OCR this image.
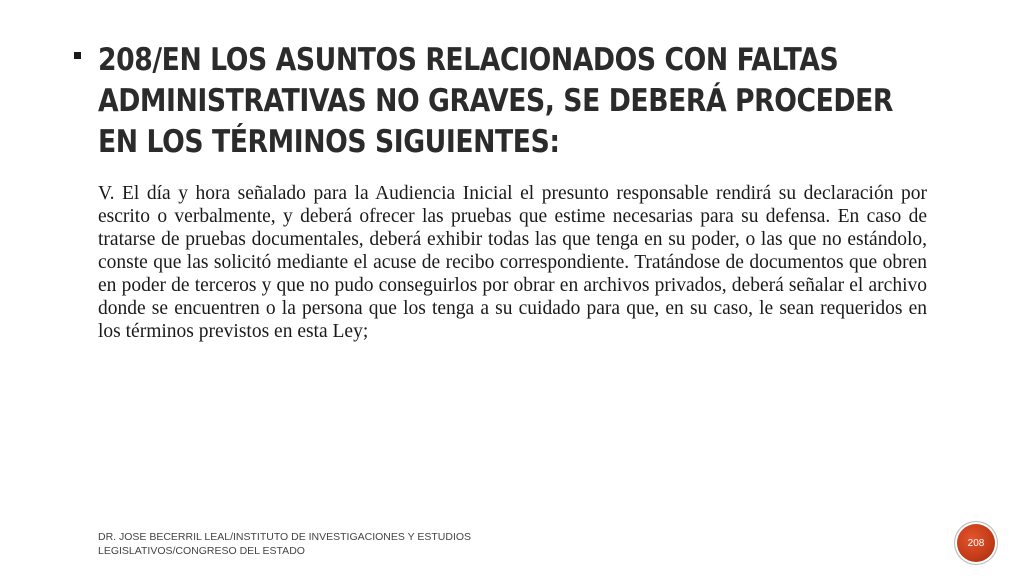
208/EN LOS ASUNTOS RELACIONADOS CON FALTAS ADMINISTRATIVAS NO GRAVES, SE DEBERÁ PROCEDER EN LOS TÉRMINOS SIGUIENTES:

V. El día y hora señalado para la Audiencia Inicial el presunto responsable rendirá su declaración por escrito o verbalmente, y deberá ofrecer las pruebas que estime necesarias para su defensa. En caso de tratarse de pruebas documentales, deberá exhibir todas las que tenga en su poder, o las que no estándolo, conste que las solicitó mediante el acuse de recibo correspondiente. Tratándose de documentos que obren en poder de terceros y que no pudo conseguirlos por obrar en archivos privados, deberá señalar el archivo donde se encuentren o la persona que los tenga a su cuidado para que, en su caso, le sean requeridos en los términos previstos en esta Ley;

DR. JOSE BECERRIL LEAL/INSTITUTO DE INVESTIGACIONES Y ESTUDIOS LEGISLATIVOS/CONGRESO DEL ESTADO
208
